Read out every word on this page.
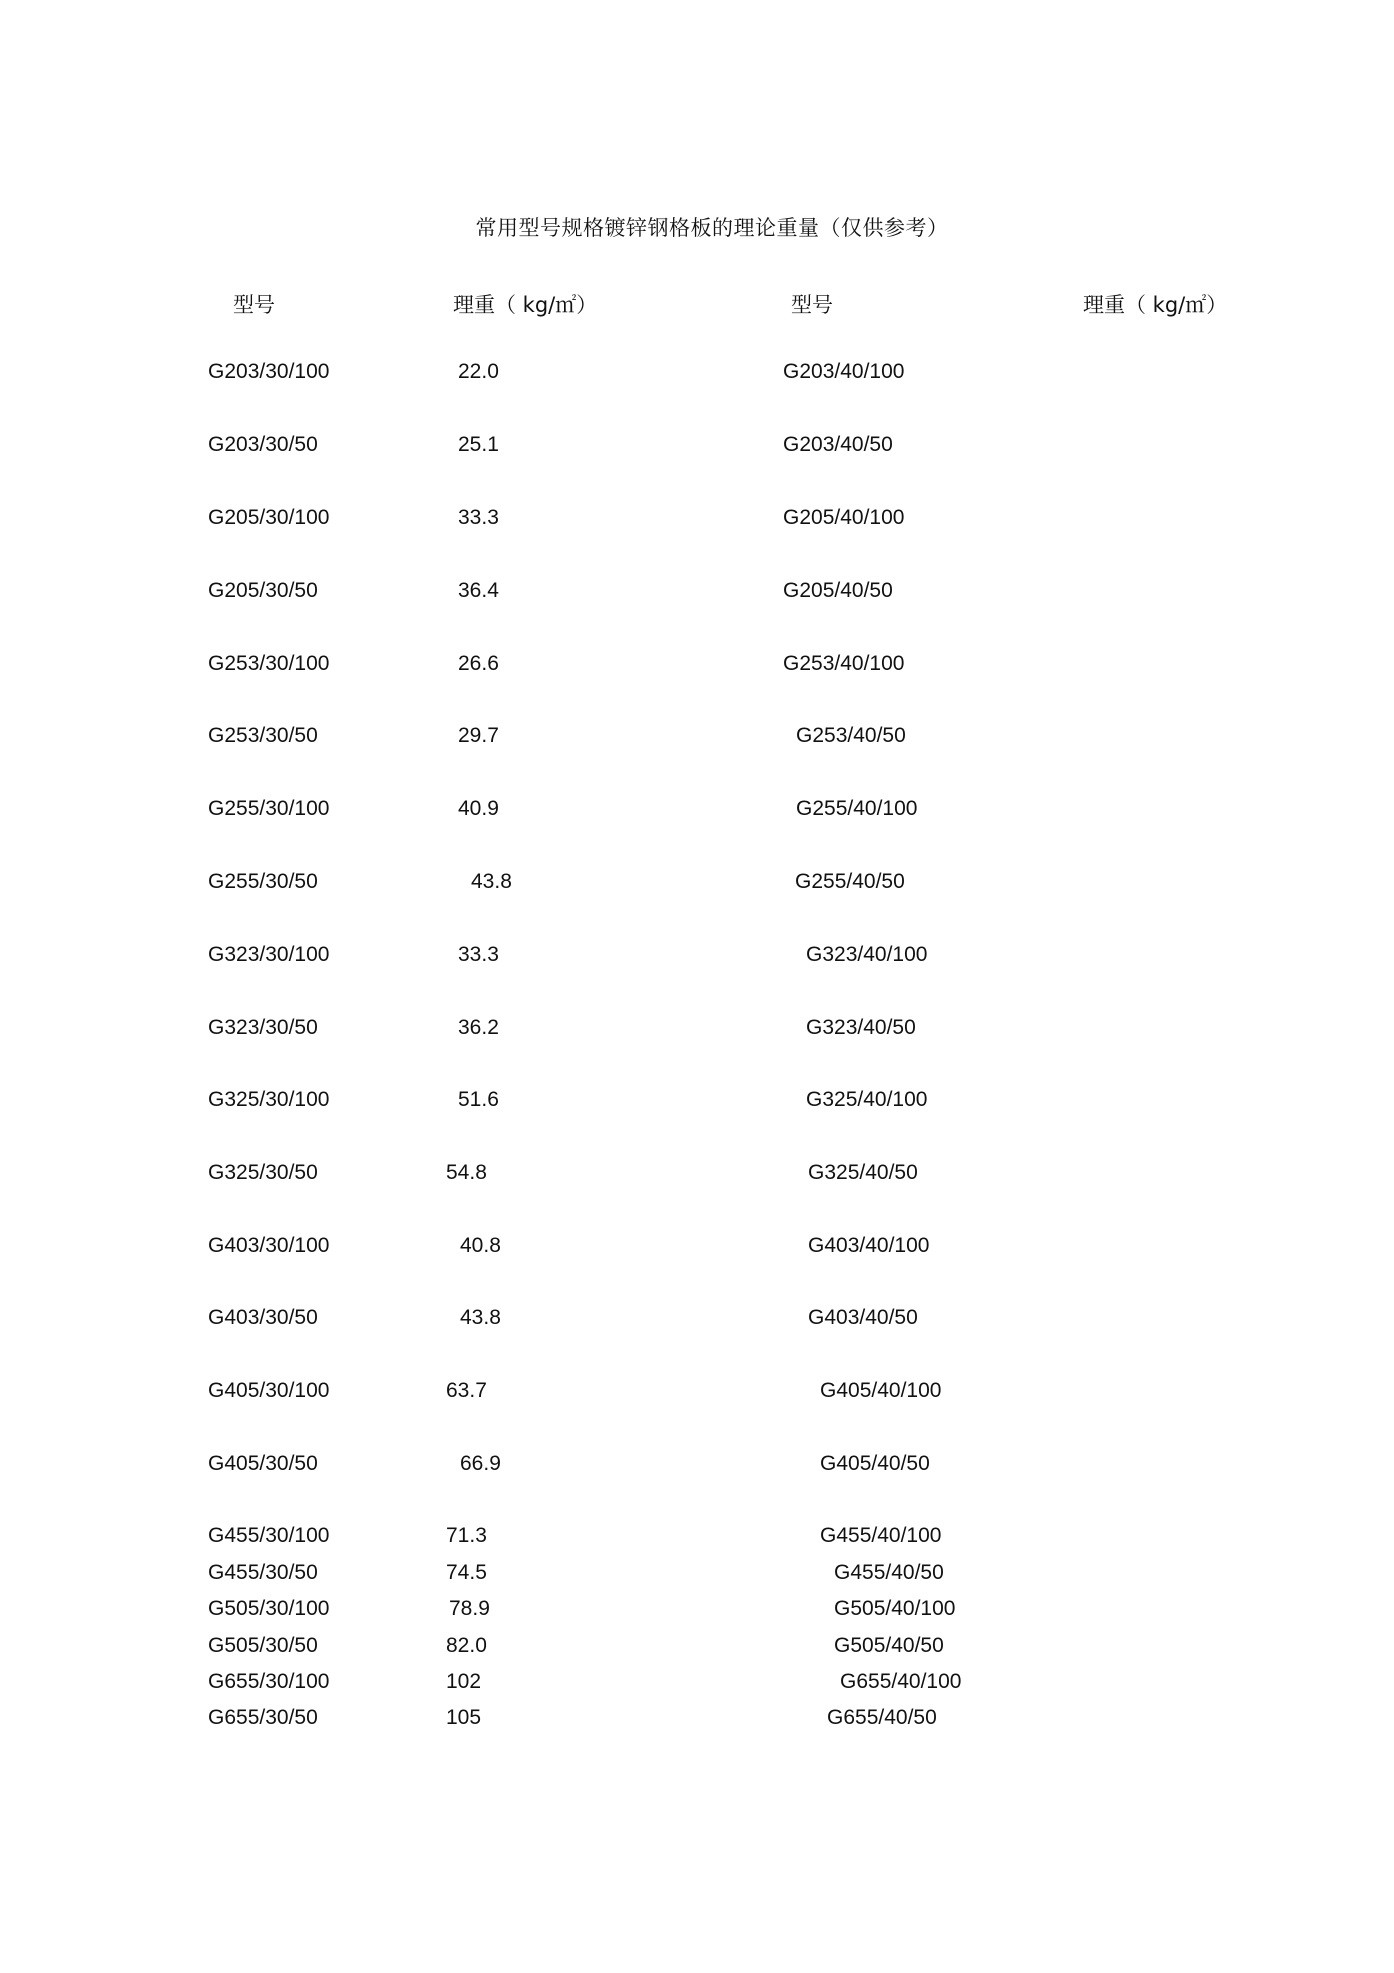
常用型号规格镀锌钢格板的理论重量（仅供参考）
型号	理重（ kg/㎡）	型号	理重（ kg/㎡）
G203/30/100	22.0	G203/40/100
G203/30/50	25.1	G203/40/50
G205/30/100	33.3	G205/40/100
G205/30/50	36.4	G205/40/50
G253/30/100	26.6	G253/40/100
G253/30/50	29.7	G253/40/50
G255/30/100	40.9	G255/40/100
G255/30/50	43.8	G255/40/50
G323/30/100	33.3	G323/40/100
G323/30/50	36.2	G323/40/50
G325/30/100	51.6	G325/40/100
G325/30/50	54.8	G325/40/50
G403/30/100	40.8	G403/40/100
G403/30/50	43.8	G403/40/50
G405/30/100	63.7	G405/40/100
G405/30/50	66.9	G405/40/50
G455/30/100	71.3	G455/40/100
G455/30/50	74.5	G455/40/50
G505/30/100	78.9	G505/40/100
G505/30/50	82.0	G505/40/50
G655/30/100	102	G655/40/100
G655/30/50	105	G655/40/50
